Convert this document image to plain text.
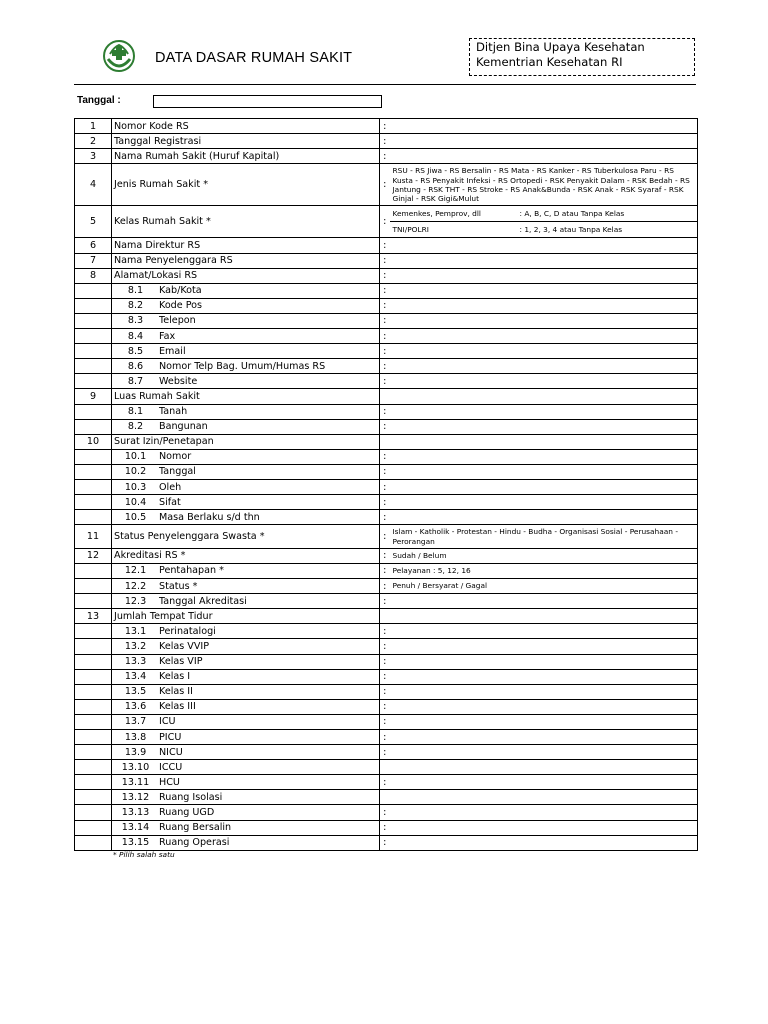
DATA DASAR RUMAH SAKIT
Ditjen Bina Upaya Kesehatan
Kementrian Kesehatan RI
Tanggal :
1	Nomor Kode RS	:	
2	Tanggal Registrasi	:	
3	Nama Rumah Sakit (Huruf Kapital)	:	
4	Jenis Rumah Sakit *	:	RSU - RS Jiwa - RS Bersalin - RS Mata - RS Kanker - RS Tuberkulosa Paru - RS Kusta - RS Penyakit Infeksi - RS Ortopedi - RSK Penyakit Dalam - RSK Bedah - RS Jantung - RSK THT - RS Stroke - RS Anak&Bunda - RSK Anak - RSK Syaraf - RSK Ginjal - RSK Gigi&Mulut

5	Kelas Rumah Sakit *	:	Kemenkes, Pemprov, dll : A, B, C, D atau Tanpa Kelas
TNI/POLRI : 1, 2, 3, 4 atau Tanpa Kelas

6	Nama Direktur RS	:	
7	Nama Penyelenggara RS	:	
8	Alamat/Lokasi RS	:	
	8.1 Kab/Kota	:	
	8.2 Kode Pos	:	
	8.3 Telepon	:	
	8.4 Fax	:	
	8.5 Email	:	
	8.6 Nomor Telp Bag. Umum/Humas RS	:	
	8.7 Website	:	
9	Luas Rumah Sakit		
	8.1 Tanah	:	
	8.2 Bangunan	:	
10	Surat Izin/Penetapan		
	10.1 Nomor	:	
	10.2 Tanggal	:	
	10.3 Oleh	:	
	10.4 Sifat	:	
	10.5 Masa Berlaku s/d thn	:	
11	Status Penyelenggara Swasta *	:	Islam - Katholik - Protestan - Hindu - Budha - Organisasi Sosial - Perusahaan - Perorangan

12	Akreditasi RS *	:	Sudah / Belum

	12.1 Pentahapan *	:	Pelayanan : 5, 12, 16

	12.2 Status *	:	Penuh / Bersyarat / Gagal

	12.3 Tanggal Akreditasi	:	
13	Jumlah Tempat Tidur		
	13.1 Perinatalogi	:	
	13.2 Kelas VVIP	:	
	13.3 Kelas VIP	:	
	13.4 Kelas I	:	
	13.5 Kelas II	:	
	13.6 Kelas III	:	
	13.7 ICU	:	
	13.8 PICU	:	
	13.9 NICU	:	
	13.10 ICCU		
	13.11 HCU	:	
	13.12 Ruang Isolasi		
	13.13 Ruang UGD	:	
	13.14 Ruang Bersalin	:	
	13.15 Ruang Operasi	:	
* Pilih salah satu
